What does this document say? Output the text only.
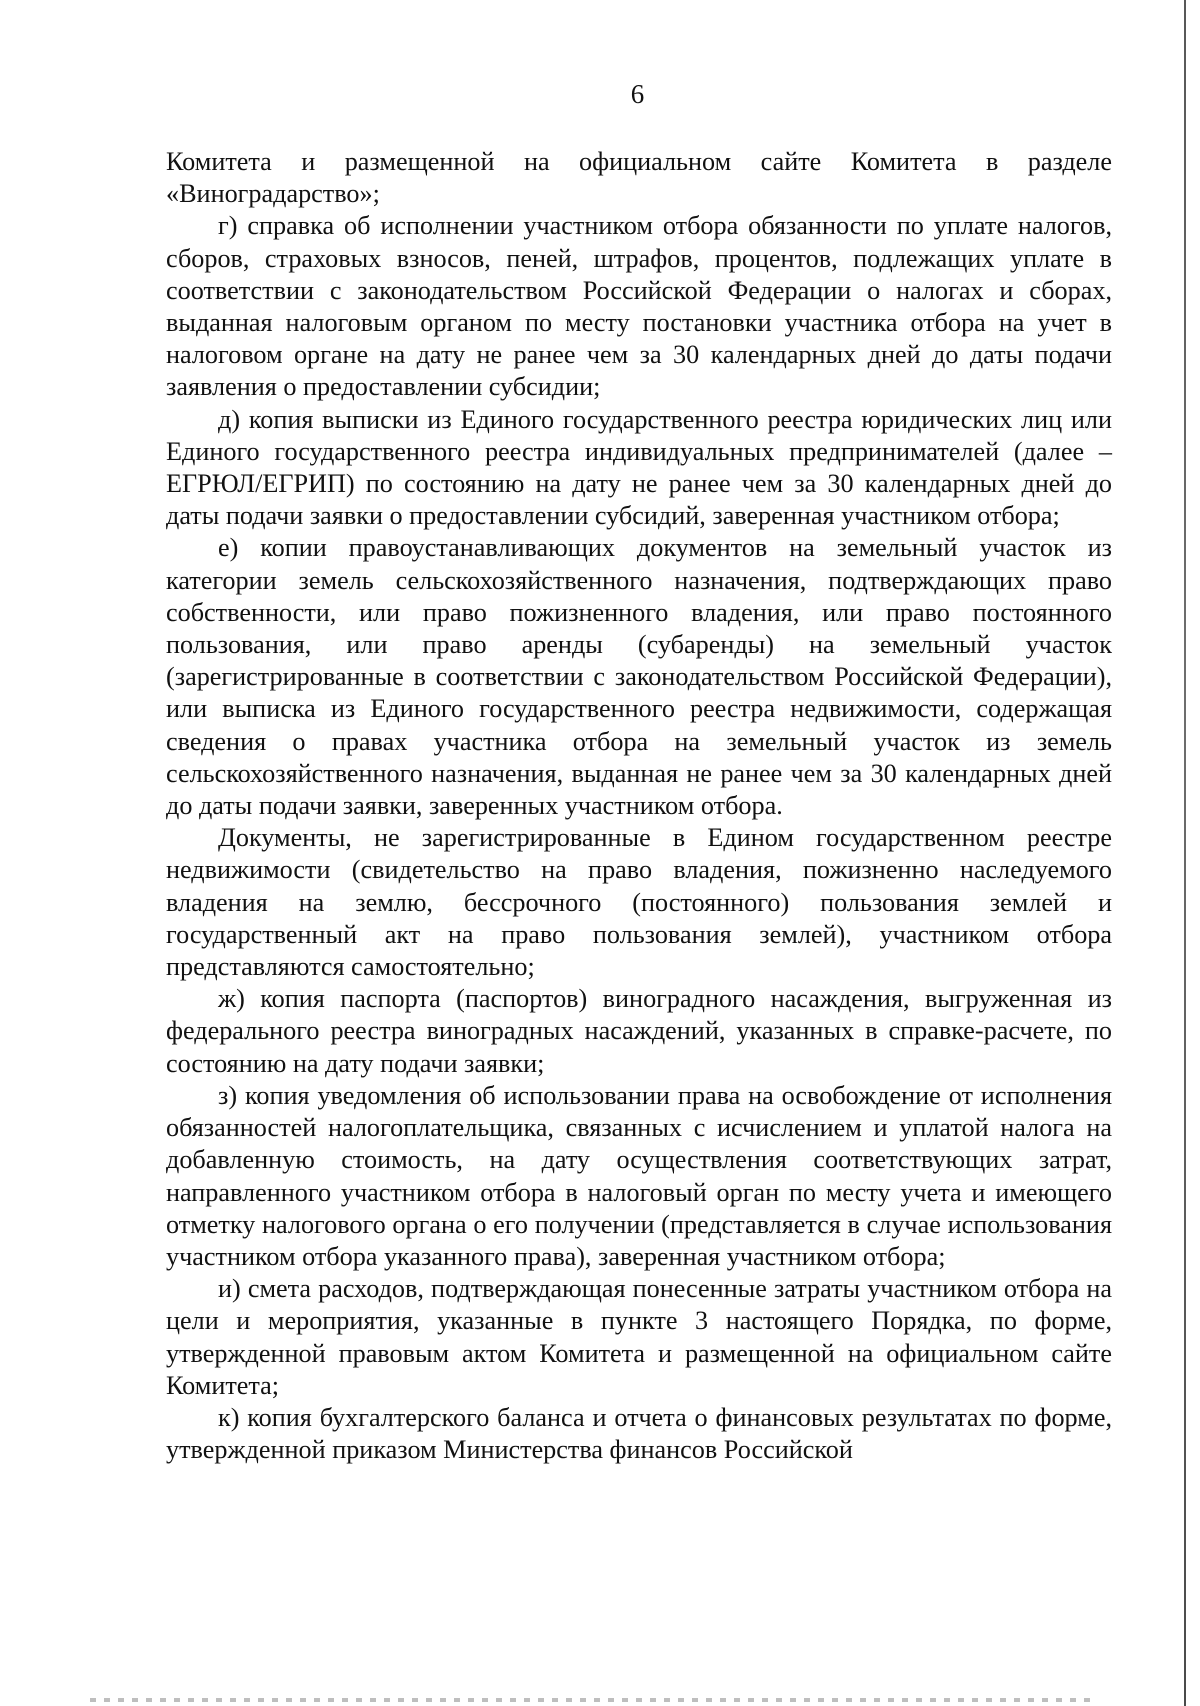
6

Комитета и размещенной на официальном сайте Комитета в разделе «Виноградарство»;

г) справка об исполнении участником отбора обязанности по уплате налогов, сборов, страховых взносов, пеней, штрафов, процентов, подлежащих уплате в соответствии с законодательством Российской Федерации о налогах и сборах, выданная налоговым органом по месту постановки участника отбора на учет в налоговом органе на дату не ранее чем за 30 календарных дней до даты подачи заявления о предоставлении субсидии;

д) копия выписки из Единого государственного реестра юридических лиц или Единого государственного реестра индивидуальных предпринимателей (далее – ЕГРЮЛ/ЕГРИП) по состоянию на дату не ранее чем за 30 календарных дней до даты подачи заявки о предоставлении субсидий, заверенная участником отбора;

е) копии правоустанавливающих документов на земельный участок из категории земель сельскохозяйственного назначения, подтверждающих право собственности, или право пожизненного владения, или право постоянного пользования, или право аренды (субаренды) на земельный участок (зарегистрированные в соответствии с законодательством Российской Федерации), или выписка из Единого государственного реестра недвижимости, содержащая сведения о правах участника отбора на земельный участок из земель сельскохозяйственного назначения, выданная не ранее чем за 30 календарных дней до даты подачи заявки, заверенных участником отбора.

Документы, не зарегистрированные в Едином государственном реестре недвижимости (свидетельство на право владения, пожизненно наследуемого владения на землю, бессрочного (постоянного) пользования землей и государственный акт на право пользования землей), участником отбора представляются самостоятельно;

ж) копия паспорта (паспортов) виноградного насаждения, выгруженная из федерального реестра виноградных насаждений, указанных в справке-расчете, по состоянию на дату подачи заявки;

з) копия уведомления об использовании права на освобождение от исполнения обязанностей налогоплательщика, связанных с исчислением и уплатой налога на добавленную стоимость, на дату осуществления соответствующих затрат, направленного участником отбора в налоговый орган по месту учета и имеющего отметку налогового органа о его получении (представляется в случае использования участником отбора указанного права), заверенная участником отбора;

и) смета расходов, подтверждающая понесенные затраты участником отбора на цели и мероприятия, указанные в пункте 3 настоящего Порядка, по форме, утвержденной правовым актом Комитета и размещенной на официальном сайте Комитета;

к) копия бухгалтерского баланса и отчета о финансовых результатах по форме, утвержденной приказом Министерства финансов Российской
